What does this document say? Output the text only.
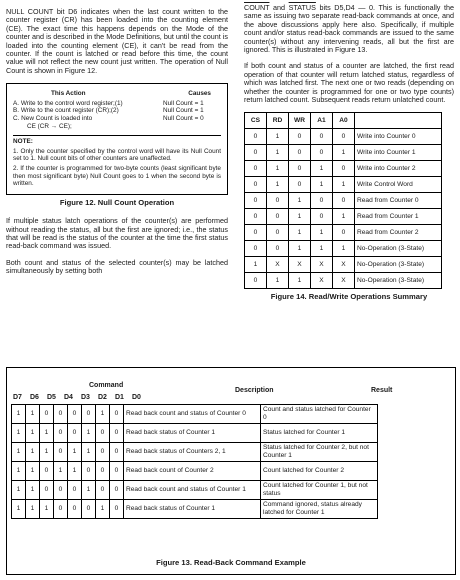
NULL COUNT bit D6 indicates when the last count written to the counter register (CR) has been loaded into the counting element (CE). The exact time this happens depends on the Mode of the counter and is described in the Mode Definitions, but until the count is loaded into the counting element (CE), it can't be read from the counter. If the count is latched or read before this time, the count value will not reflect the new count just written. The operation of Null Count is shown in Figure 12.

This Action	Causes
A. Write to the control word register;(1)	Null Count = 1
B. Write to the count register (CR);(2)	Null Count = 1
C. New Count is loaded into	Null Count = 0
CE (CR → CE);

NOTE:

1. Only the counter specified by the control word will have its Null Count set to 1. Null count bits of other counters are unaffected.

2. If the counter is programmed for two-byte counts (least significant byte then most significant byte) Null Count goes to 1 when the second byte is written.

Figure 12. Null Count Operation

If multiple status latch operations of the counter(s) are performed without reading the status, all but the first are ignored; i.e., the status that will be read is the status of the counter at the time the first status read-back command was issued.

Both count and status of the selected counter(s) may be latched simultaneously by setting both

COUNT and STATUS bits D5,D4 — 0. This is functionally the same as issuing two separate read-back commands at once, and the above discussions apply here also. Specifically, if multiple count and/or status read-back commands are issued to the same counter(s) without any intervening reads, all but the first are ignored. This is illustrated in Figure 13.

If both count and status of a counter are latched, the first read operation of that counter will return latched status, regardless of which was latched first. The next one or two reads (depending on whether the counter is programmed for one or two type counts) return latched count. Subsequent reads return unlatched count.

CS	RD	WR	A1	A0	
0	1	0	0	0	Write into Counter 0
0	1	0	0	1	Write into Counter 1
0	1	0	1	0	Write into Counter 2
0	1	0	1	1	Write Control Word
0	0	1	0	0	Read from Counter 0
0	0	1	0	1	Read from Counter 1
0	0	1	1	0	Read from Counter 2
0	0	1	1	1	No-Operation (3-State)
1	X	X	X	X	No-Operation (3-State)
0	1	1	X	X	No-Operation (3-State)
Figure 14. Read/Write Operations Summary
Command
Description	Result
D7 D6 D5 D4 D3 D2 D1 D0
1	1	0	0	0	0	1	0	Read back count and status of Counter 0	Count and status latched for Counter 0
1	1	1	0	0	1	0	0	Read back status of Counter 1	Status latched for Counter 1
1	1	1	0	1	1	0	0	Read back status of Counters 2, 1	Status latched for Counter 2, but not Counter 1
1	1	0	1	1	0	0	0	Read back count of Counter 2	Count latched for Counter 2
1	1	0	0	0	1	0	0	Read back count and status of Counter 1	Count latched for Counter 1, but not status
1	1	1	0	0	0	1	0	Read back status of Counter 1	Command ignored, status already latched for Counter 1
Figure 13. Read-Back Command Example
